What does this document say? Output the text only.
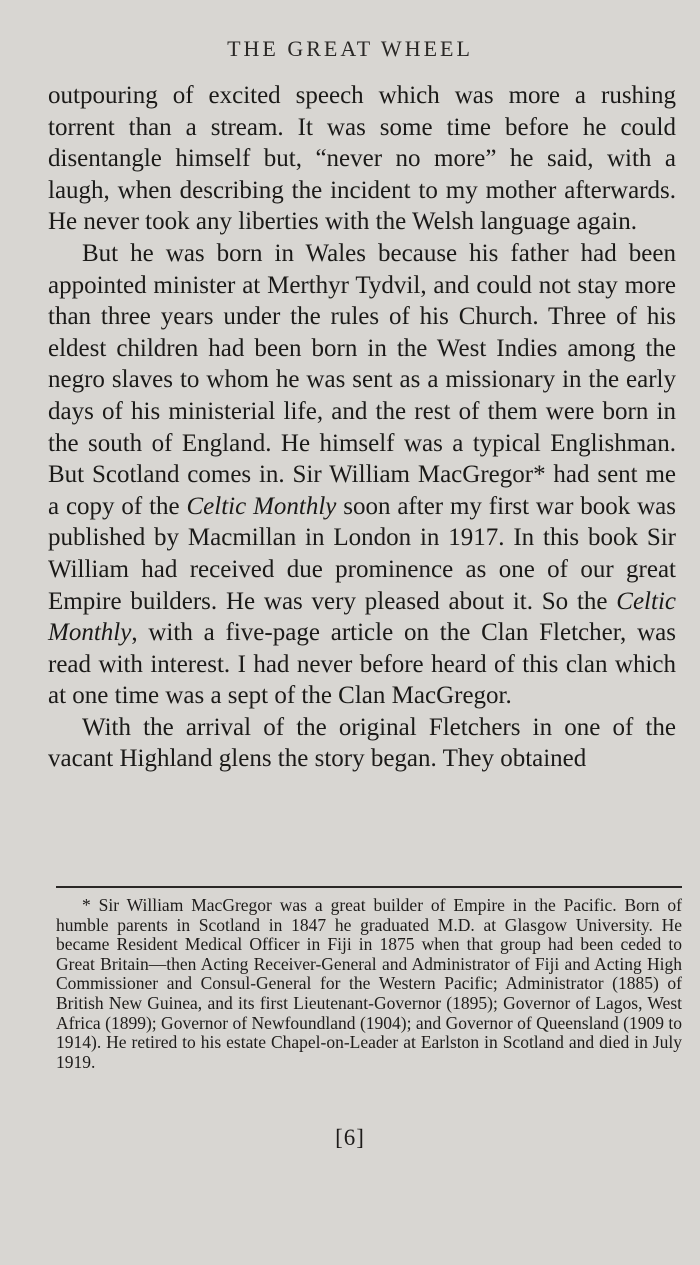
THE GREAT WHEEL

outpouring of excited speech which was more a rushing torrent than a stream. It was some time before he could disentangle himself but, “never no more” he said, with a laugh, when describing the incident to my mother afterwards. He never took any liberties with the Welsh language again.

But he was born in Wales because his father had been appointed minister at Merthyr Tydvil, and could not stay more than three years under the rules of his Church. Three of his eldest children had been born in the West Indies among the negro slaves to whom he was sent as a missionary in the early days of his ministerial life, and the rest of them were born in the south of England. He himself was a typical Englishman. But Scotland comes in. Sir William MacGregor* had sent me a copy of the Celtic Monthly soon after my first war book was published by Macmillan in London in 1917. In this book Sir William had received due prominence as one of our great Empire builders. He was very pleased about it. So the Celtic Monthly, with a five-page article on the Clan Fletcher, was read with interest. I had never before heard of this clan which at one time was a sept of the Clan MacGregor.

With the arrival of the original Fletchers in one of the vacant Highland glens the story began. They obtained

* Sir William MacGregor was a great builder of Empire in the Pacific. Born of humble parents in Scotland in 1847 he graduated M.D. at Glasgow University. He became Resident Medical Officer in Fiji in 1875 when that group had been ceded to Great Britain—then Acting Receiver-General and Administrator of Fiji and Acting High Commissioner and Consul-General for the Western Pacific; Administrator (1885) of British New Guinea, and its first Lieutenant-Governor (1895); Governor of Lagos, West Africa (1899); Governor of Newfoundland (1904); and Governor of Queensland (1909 to 1914). He retired to his estate Chapel-on-Leader at Earlston in Scotland and died in July 1919.

[6]
